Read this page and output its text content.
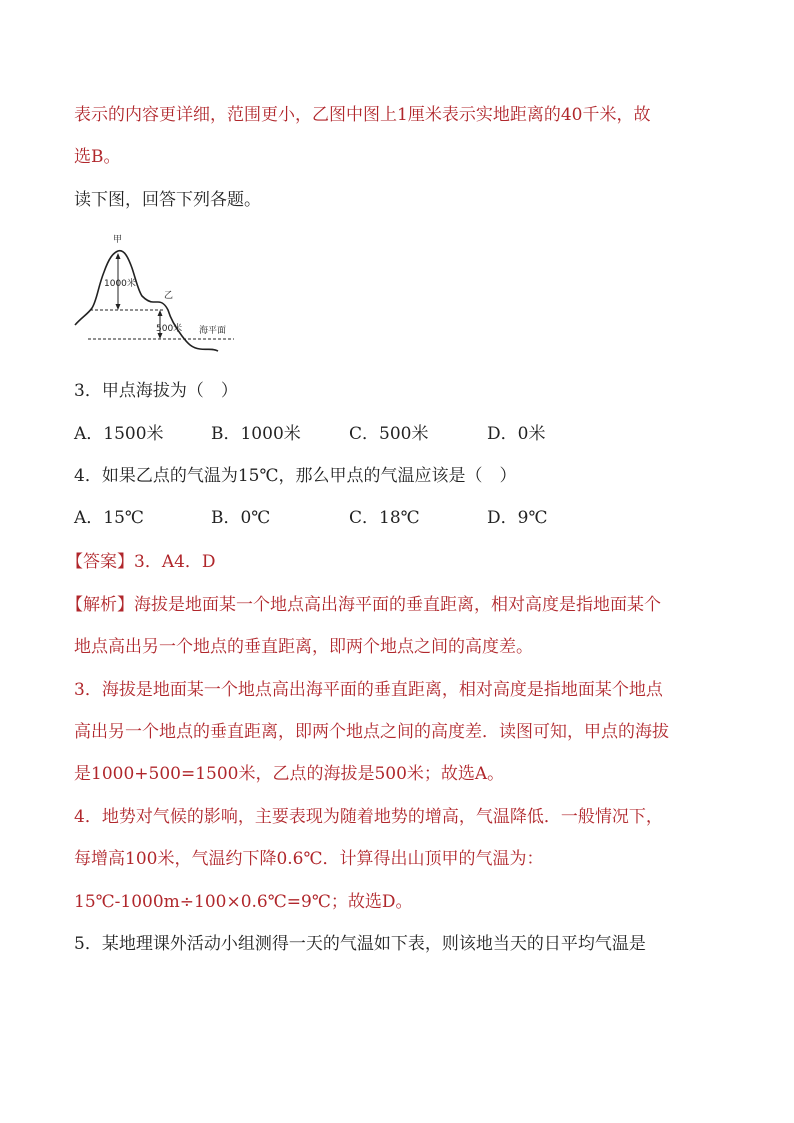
表示的内容更详细，范围更小，乙图中图上1厘米表示实地距离的40千米，故
选B。
读下图，回答下列各题。
甲
1000米
乙
500米 海平面
3．甲点海拔为（　）
A．1500米	B．1000米	C．500米	D．0米
4．如果乙点的气温为15℃，那么甲点的气温应该是（　）
A．15℃	B．0℃	C．18℃	D．9℃
【答案】3．A4．D
【解析】海拔是地面某一个地点高出海平面的垂直距离，相对高度是指地面某个
地点高出另一个地点的垂直距离，即两个地点之间的高度差。
3．海拔是地面某一个地点高出海平面的垂直距离，相对高度是指地面某个地点
高出另一个地点的垂直距离，即两个地点之间的高度差．读图可知，甲点的海拔
是1000+500=1500米，乙点的海拔是500米；故选A。
4．地势对气候的影响，主要表现为随着地势的增高，气温降低．一般情况下，
每增高100米，气温约下降0.6℃．计算得出山顶甲的气温为：
15℃-1000m÷100×0.6℃=9℃；故选D。
5．某地理课外活动小组测得一天的气温如下表，则该地当天的日平均气温是
